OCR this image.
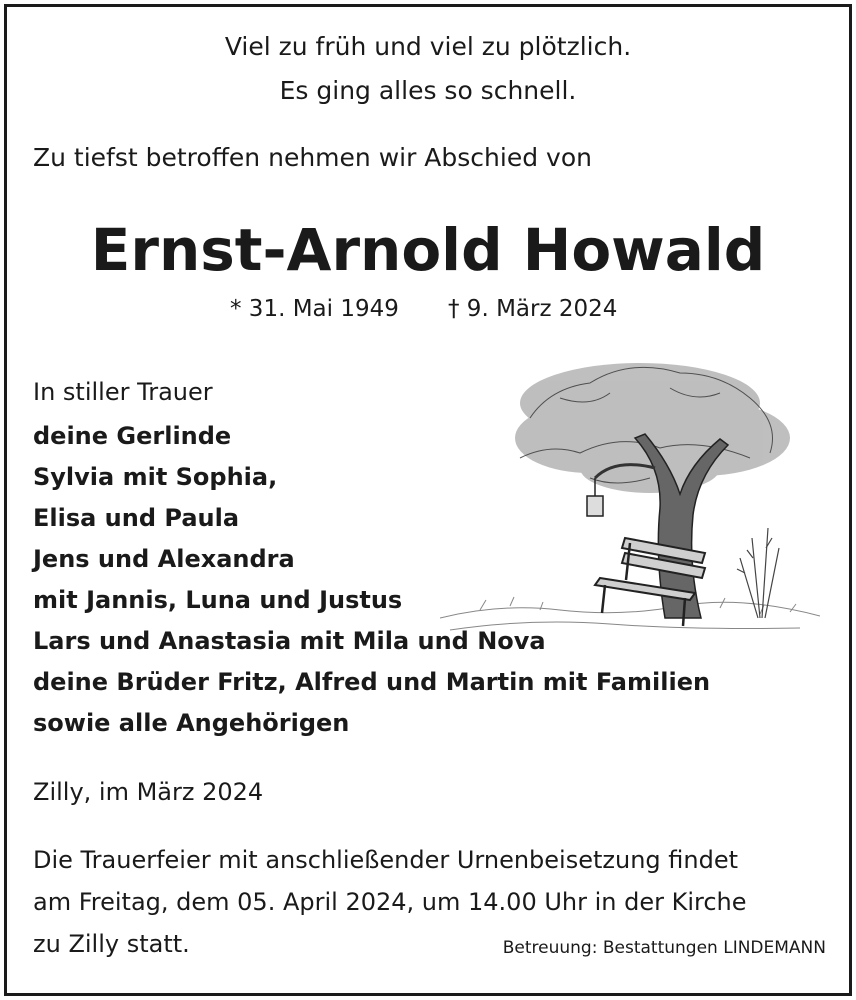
Viel zu früh und viel zu plötzlich.
Es ging alles so schnell.
Zu tiefst betroffen nehmen wir Abschied von
Ernst-Arnold Howald
* 31. Mai 1949 † 9. März 2024
In stiller Trauer
deine Gerlinde
Sylvia mit Sophia,
Elisa und Paula
Jens und Alexandra
mit Jannis, Luna und Justus
Lars und Anastasia mit Mila und Nova
deine Brüder Fritz, Alfred und Martin mit Familien
sowie alle Angehörigen
Zilly, im März 2024
Die Trauerfeier mit anschließender Urnenbeisetzung findet
am Freitag, dem 05. April 2024, um 14.00 Uhr in der Kirche
zu Zilly statt.	Betreuung: Bestattungen LINDEMANN
